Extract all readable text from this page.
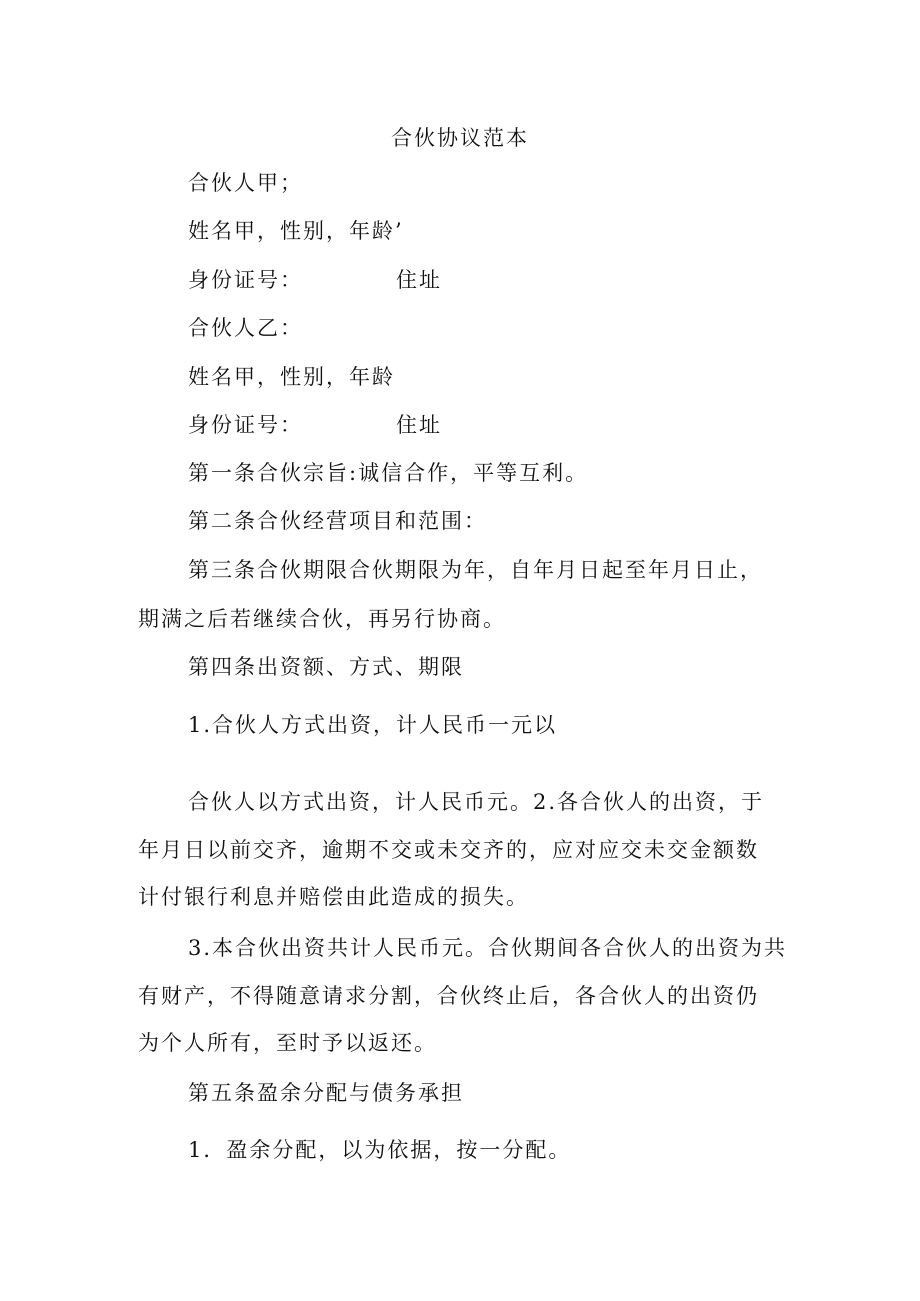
合伙协议范本
合伙人甲；
姓名甲，性别，年龄’
身份证号：	住址
合伙人乙：
姓名甲，性别，年龄
身份证号：	住址
第一条合伙宗旨:诚信合作，平等互利。
第二条合伙经营项目和范围：
第三条合伙期限合伙期限为年，自年月日起至年月日止，
期满之后若继续合伙，再另行协商。
第四条出资额、方式、期限
1.合伙人方式出资，计人民币一元以
合伙人以方式出资，计人民币元。2.各合伙人的出资，于
年月日以前交齐，逾期不交或未交齐的，应对应交未交金额数
计付银行利息并赔偿由此造成的损失。
3.本合伙出资共计人民币元。合伙期间各合伙人的出资为共
有财产，不得随意请求分割，合伙终止后，各合伙人的出资仍
为个人所有，至时予以返还。
第五条盈余分配与债务承担
1．盈余分配，以为依据，按一分配。
